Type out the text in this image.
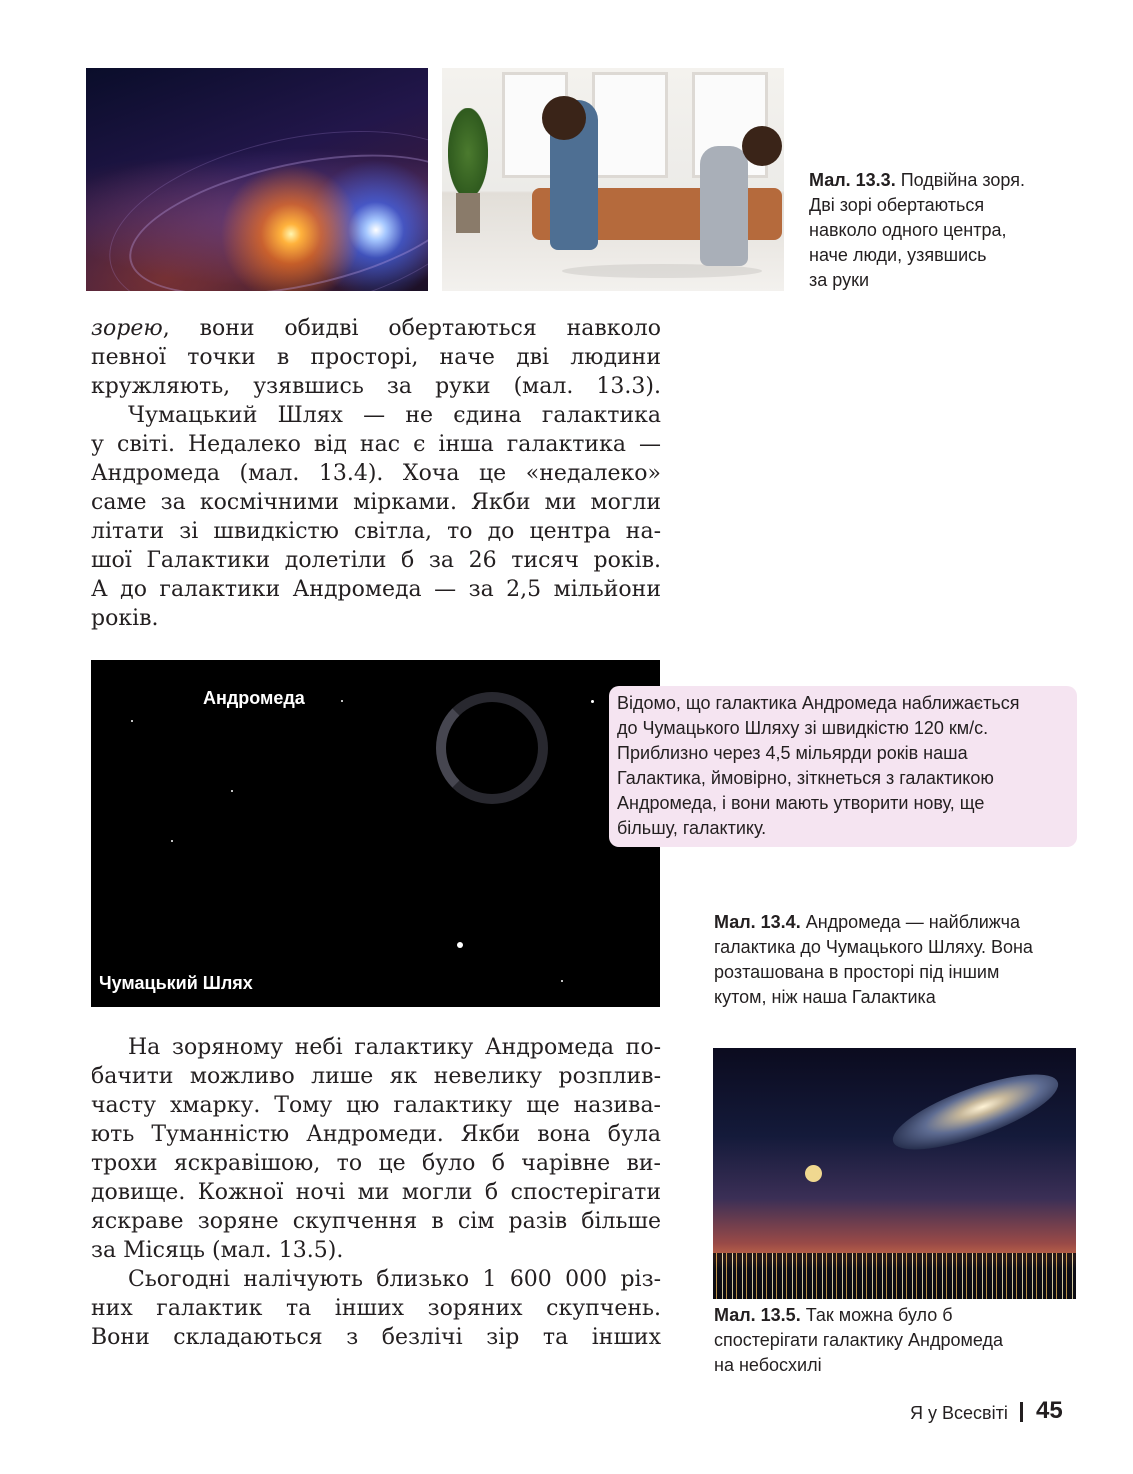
Мал. 13.3. Подвійна зоря.
Дві зорі обертаються
навколо одного центра,
наче люди, узявшись
за руки
зорею, вони обидві обертаються навколо
певної точки в просторі, наче дві людини
кружляють, узявшись за руки (мал. 13.3).
Чумацький Шлях — не єдина галактика
у світі. Недалеко від нас є інша галактика —
Андромеда (мал. 13.4). Хоча це «недалеко»
саме за космічними мірками. Якби ми могли
літати зі швидкістю світла, то до центра на-
шої Галактики долетіли б за 26 тисяч років.
А до галактики Андромеда — за 2,5 мільйони
років.
Андромеда
Чумацький Шлях
Відомо, що галактика Андромеда наближається
до Чумацького Шляху зі швидкістю 120 км/с.
Приблизно через 4,5 мільярди років наша
Галактика, ймовірно, зіткнеться з галактикою
Андромеда, і вони мають утворити нову, ще
більшу, галактику.
Мал. 13.4. Андромеда — найближча
галактика до Чумацького Шляху. Вона
розташована в просторі під іншим
кутом, ніж наша Галактика
На зоряному небі галактику Андромеда по-
бачити можливо лише як невелику розплив-
часту хмарку. Тому цю галактику ще назива-
ють Туманністю Андромеди. Якби вона була
трохи яскравішою, то це було б чарівне ви-
довище. Кожної ночі ми могли б спостерігати
яскраве зоряне скупчення в сім разів більше
за Місяць (мал. 13.5).
Сьогодні налічують близько 1 600 000 різ-
них галактик та інших зоряних скупчень.
Вони складаються з безлічі зір та інших
Мал. 13.5. Так можна було б
спостерігати галактику Андромеда
на небосхилі
Я у Всесвіті 45
